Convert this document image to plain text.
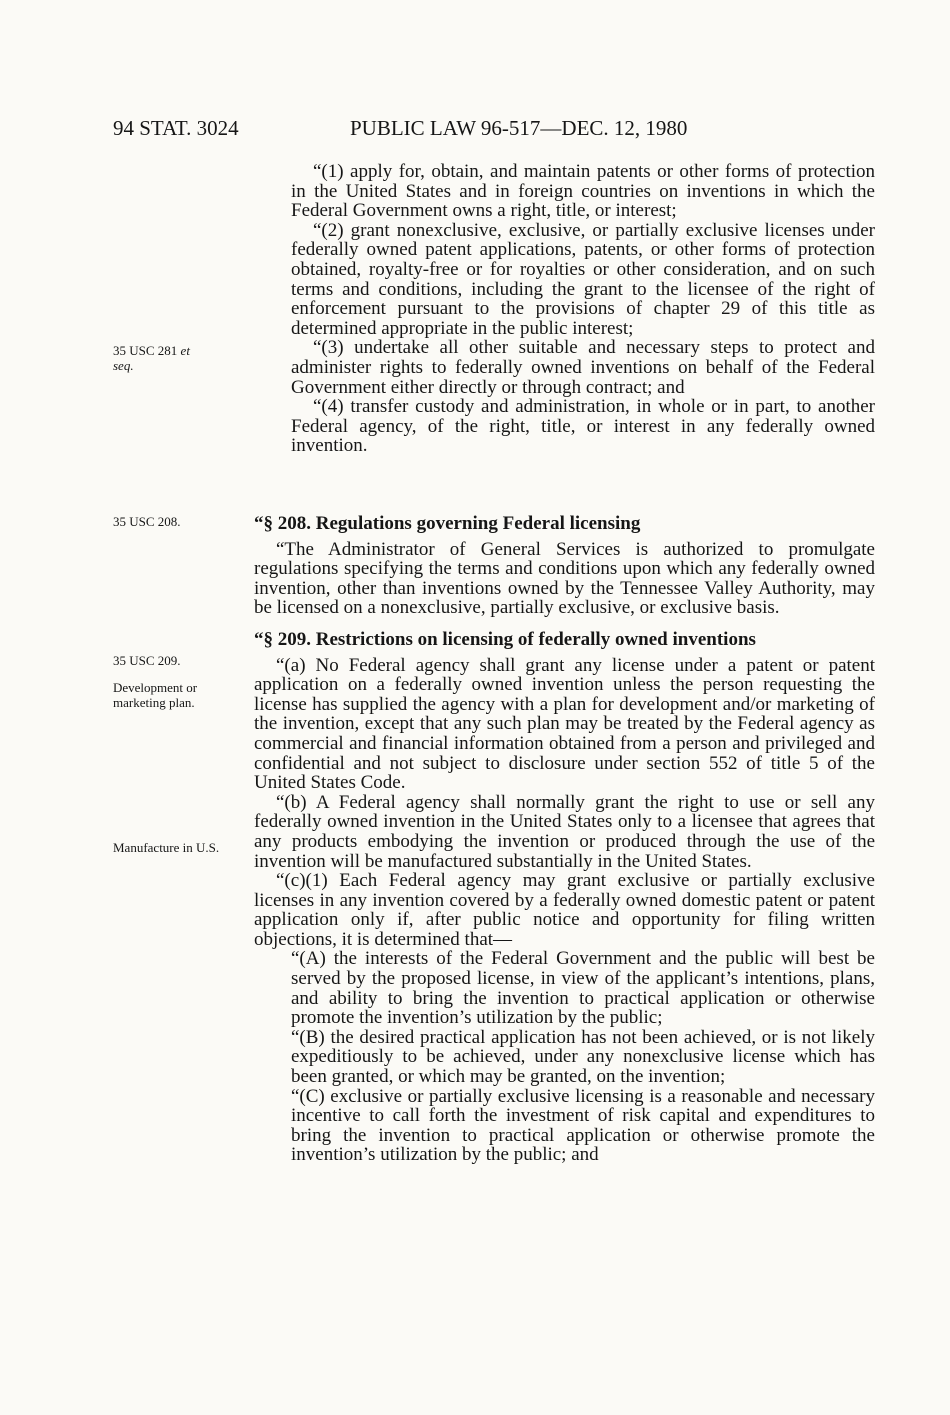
94 STAT. 3024	PUBLIC LAW 96-517—DEC. 12, 1980
35 USC 281 et
seq.
35 USC 208.
35 USC 209.
Development or marketing plan.
Manufacture in U.S.

“(1) apply for, obtain, and maintain patents or other forms of protection in the United States and in foreign countries on inventions in which the Federal Government owns a right, title, or interest;

“(2) grant nonexclusive, exclusive, or partially exclusive licenses under federally owned patent applications, patents, or other forms of protection obtained, royalty-free or for royalties or other consideration, and on such terms and conditions, including the grant to the licensee of the right of enforcement pursuant to the provisions of chapter 29 of this title as determined appropriate in the public interest;

“(3) undertake all other suitable and necessary steps to protect and administer rights to federally owned inventions on behalf of the Federal Government either directly or through contract; and

“(4) transfer custody and administration, in whole or in part, to another Federal agency, of the right, title, or interest in any federally owned invention.

“§ 208. Regulations governing Federal licensing

“The Administrator of General Services is authorized to promulgate regulations specifying the terms and conditions upon which any federally owned invention, other than inventions owned by the Tennessee Valley Authority, may be licensed on a nonexclusive, partially exclusive, or exclusive basis.

“§ 209. Restrictions on licensing of federally owned inventions

“(a) No Federal agency shall grant any license under a patent or patent application on a federally owned invention unless the person requesting the license has supplied the agency with a plan for development and/or marketing of the invention, except that any such plan may be treated by the Federal agency as commercial and financial information obtained from a person and privileged and confidential and not subject to disclosure under section 552 of title 5 of the United States Code.

“(b) A Federal agency shall normally grant the right to use or sell any federally owned invention in the United States only to a licensee that agrees that any products embodying the invention or produced through the use of the invention will be manufactured substantially in the United States.

“(c)(1) Each Federal agency may grant exclusive or partially exclusive licenses in any invention covered by a federally owned domestic patent or patent application only if, after public notice and opportunity for filing written objections, it is determined that—

“(A) the interests of the Federal Government and the public will best be served by the proposed license, in view of the applicant’s intentions, plans, and ability to bring the invention to practical application or otherwise promote the invention’s utilization by the public;

“(B) the desired practical application has not been achieved, or is not likely expeditiously to be achieved, under any nonexclusive license which has been granted, or which may be granted, on the invention;

“(C) exclusive or partially exclusive licensing is a reasonable and necessary incentive to call forth the investment of risk capital and expenditures to bring the invention to practical application or otherwise promote the invention’s utilization by the public; and
